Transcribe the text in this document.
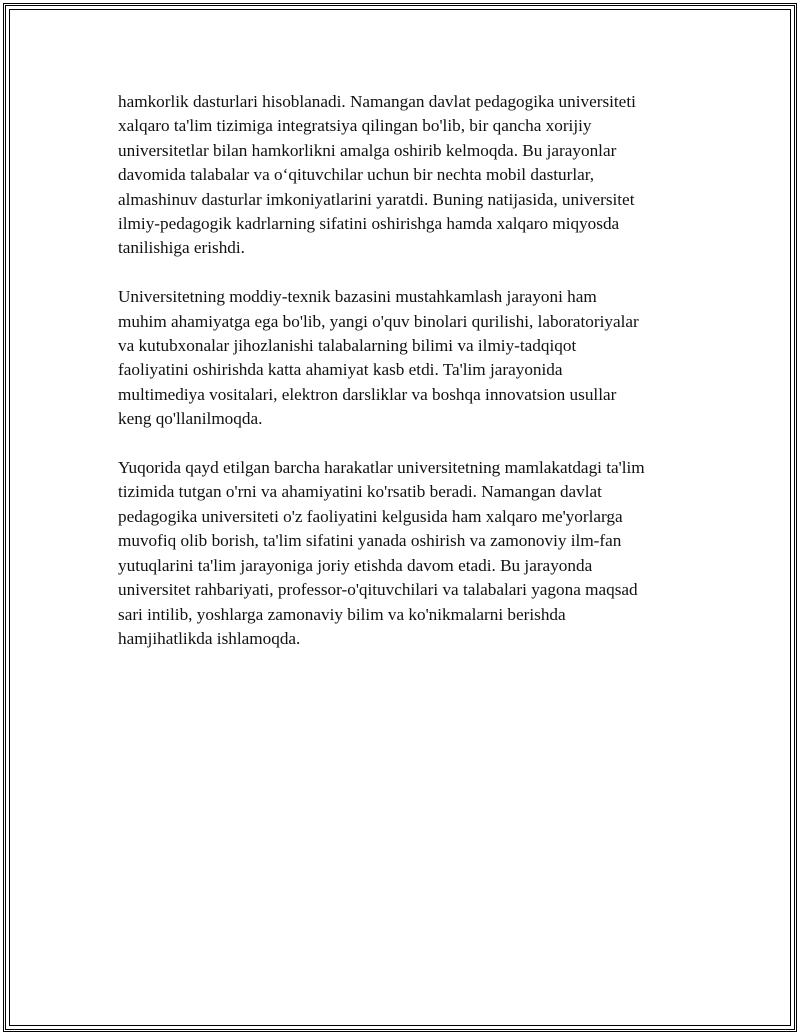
hamkorlik dasturlari hisoblanadi. Namangan davlat pedagogika universiteti
xalqaro ta'lim tizimiga integratsiya qilingan bo'lib, bir qancha xorijiy
universitetlar bilan hamkorlikni amalga oshirib kelmoqda. Bu jarayonlar
davomida talabalar va oʻqituvchilar uchun bir nechta mobil dasturlar,
almashinuv dasturlar imkoniyatlarini yaratdi. Buning natijasida, universitet
ilmiy-pedagogik kadrlarning sifatini oshirishga hamda xalqaro miqyosda
tanilishiga erishdi.

Universitetning moddiy-texnik bazasini mustahkamlash jarayoni ham
muhim ahamiyatga ega bo'lib, yangi o'quv binolari qurilishi, laboratoriyalar
va kutubxonalar jihozlanishi talabalarning bilimi va ilmiy-tadqiqot
faoliyatini oshirishda katta ahamiyat kasb etdi. Ta'lim jarayonida
multimediya vositalari, elektron darsliklar va boshqa innovatsion usullar
keng qo'llanilmoqda.

Yuqorida qayd etilgan barcha harakatlar universitetning mamlakatdagi ta'lim
tizimida tutgan o'rni va ahamiyatini ko'rsatib beradi. Namangan davlat
pedagogika universiteti o'z faoliyatini kelgusida ham xalqaro me'yorlarga
muvofiq olib borish, ta'lim sifatini yanada oshirish va zamonoviy ilm-fan
yutuqlarini ta'lim jarayoniga joriy etishda davom etadi. Bu jarayonda
universitet rahbariyati, professor-o'qituvchilari va talabalari yagona maqsad
sari intilib, yoshlarga zamonaviy bilim va ko'nikmalarni berishda
hamjihatlikda ishlamoqda.
